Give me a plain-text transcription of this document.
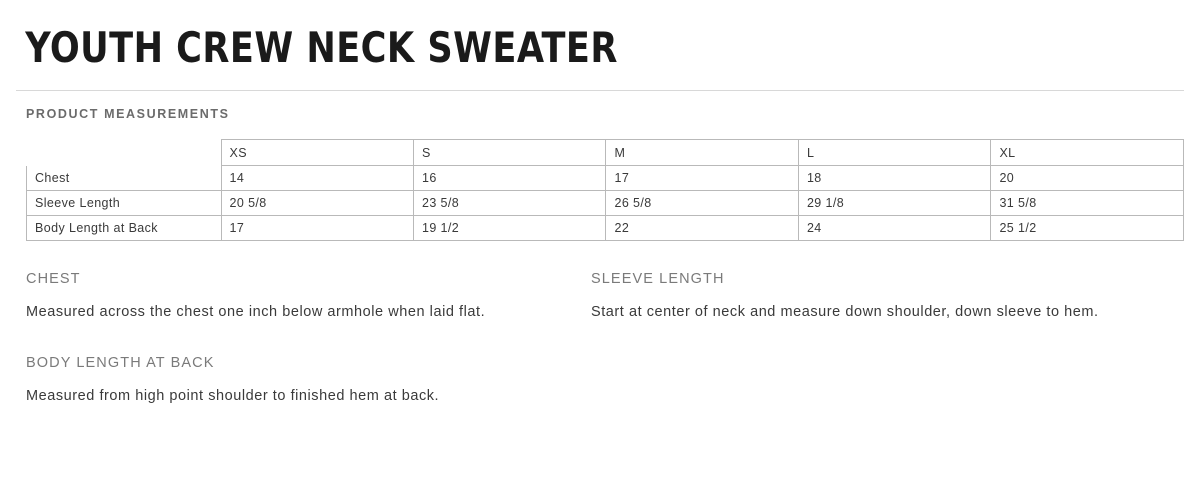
YOUTH CREW NECK SWEATER
PRODUCT MEASUREMENTS
	XS	S	M	L	XL
Chest	14	16	17	18	20
Sleeve Length	20 5/8	23 5/8	26 5/8	29 1/8	31 5/8
Body Length at Back	17	19 1/2	22	24	25 1/2
CHEST
Measured across the chest one inch below armhole when laid flat.
SLEEVE LENGTH
Start at center of neck and measure down shoulder, down sleeve to hem.
BODY LENGTH AT BACK
Measured from high point shoulder to finished hem at back.
